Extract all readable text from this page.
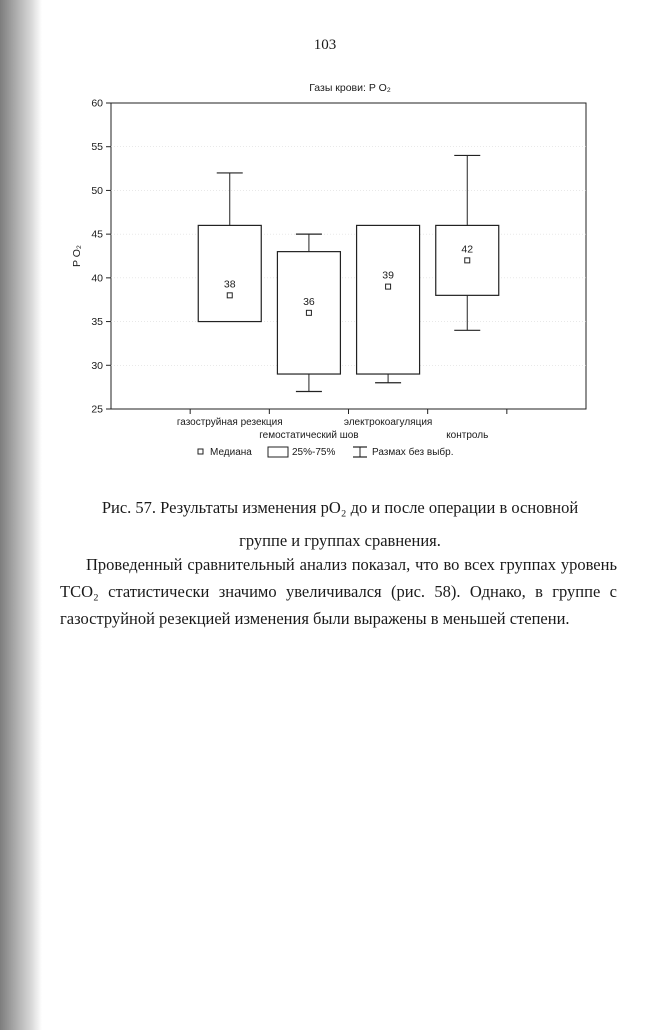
103
Газы крови: P O₂
25
30
35
40
45
50
55
60
P O₂
газоструйная резекция
гемостатический шов
электрокоагуляция
контроль
38
36
39
42
Медиана	25%-75%	Размах без выбр.
Рис. 57. Результаты изменения pO₂ до и после операции в основной
группе и группах сравнения.
Проведенный сравнительный анализ показал, что во всех группах уровень TCO₂ статистически значимо увеличивался (рис. 58). Однако, в группе с газоструйной резекцией изменения были выражены в меньшей степени.
